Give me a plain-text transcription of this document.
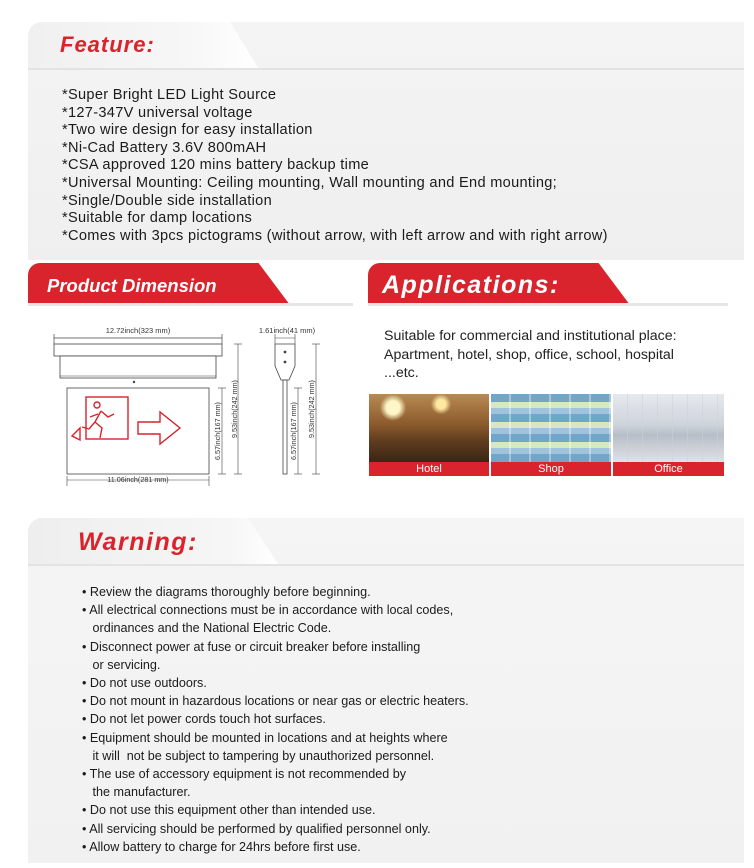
Feature:
*Super Bright LED Light Source
*127-347V universal voltage
*Two wire design for easy installation
*Ni-Cad Battery 3.6V 800mAH
*CSA approved 120 mins battery backup time
*Universal Mounting: Ceiling mounting, Wall mounting and End mounting;
*Single/Double side installation
*Suitable for damp locations
*Comes with 3pcs pictograms (without arrow, with left arrow and with right arrow)
Product Dimension	Applications:
12.72inch(323 mm)
6.57inch(167 mm) 9.53inch(242 mm)
11.06inch(281 mm)
1.61inch(41 mm)
6.57inch(167 mm) 9.53inch(242 mm)
Suitable for commercial and institutional place:
Apartment, hotel, shop, office, school, hospital
...etc.
Hotel	Shop	Office
Warning:
• Review the diagrams thoroughly before beginning.
• All electrical connections must be in accordance with local codes,
ordinances and the National Electric Code.
• Disconnect power at fuse or circuit breaker before installing
or servicing.
• Do not use outdoors.
• Do not mount in hazardous locations or near gas or electric heaters.
• Do not let power cords touch hot surfaces.
• Equipment should be mounted in locations and at heights where
it will  not be subject to tampering by unauthorized personnel.
• The use of accessory equipment is not recommended by
the manufacturer.
• Do not use this equipment other than intended use.
• All servicing should be performed by qualified personnel only.
• Allow battery to charge for 24hrs before first use.
